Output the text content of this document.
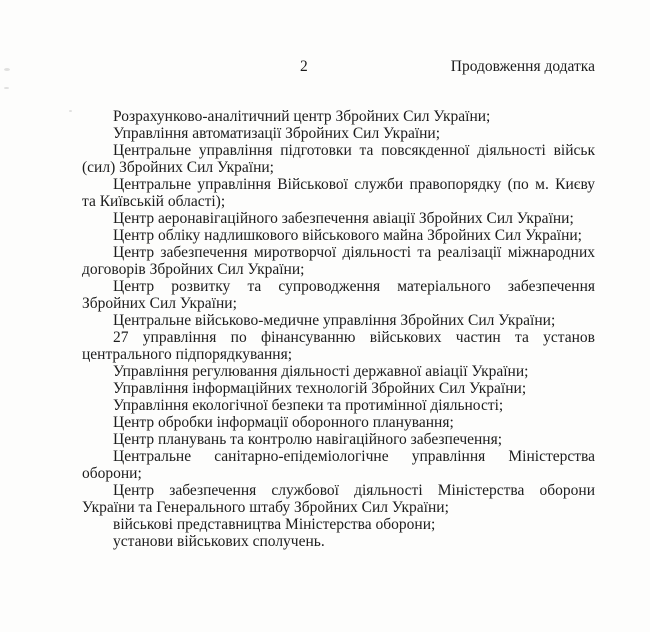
2	Продовження додатка

Розрахунково-аналітичний центр Збройних Сил України;

Управління автоматизації Збройних Сил України;

Центральне управління підготовки та повсякденної діяльності військ (сил) Збройних Сил України;

Центральне управління Військової служби правопорядку (по м. Києву та Київській області);

Центр аеронавігаційного забезпечення авіації Збройних Сил України;

Центр обліку надлишкового військового майна Збройних Сил України;

Центр забезпечення миротворчої діяльності та реалізації міжнародних договорів Збройних Сил України;

Центр розвитку та супроводження матеріального забезпечення Збройних Сил України;

Центральне військово-медичне управління Збройних Сил України;

27 управління по фінансуванню військових частин та установ центрального підпорядкування;

Управління регулювання діяльності державної авіації України;

Управління інформаційних технологій Збройних Сил України;

Управління екологічної безпеки та протимінної діяльності;

Центр обробки інформації оборонного планування;

Центр планувань та контролю навігаційного забезпечення;

Центральне санітарно-епідеміологічне управління Міністерства оборони;

Центр забезпечення службової діяльності Міністерства оборони України та Генерального штабу Збройних Сил України;

військові представництва Міністерства оборони;

установи військових сполучень.
